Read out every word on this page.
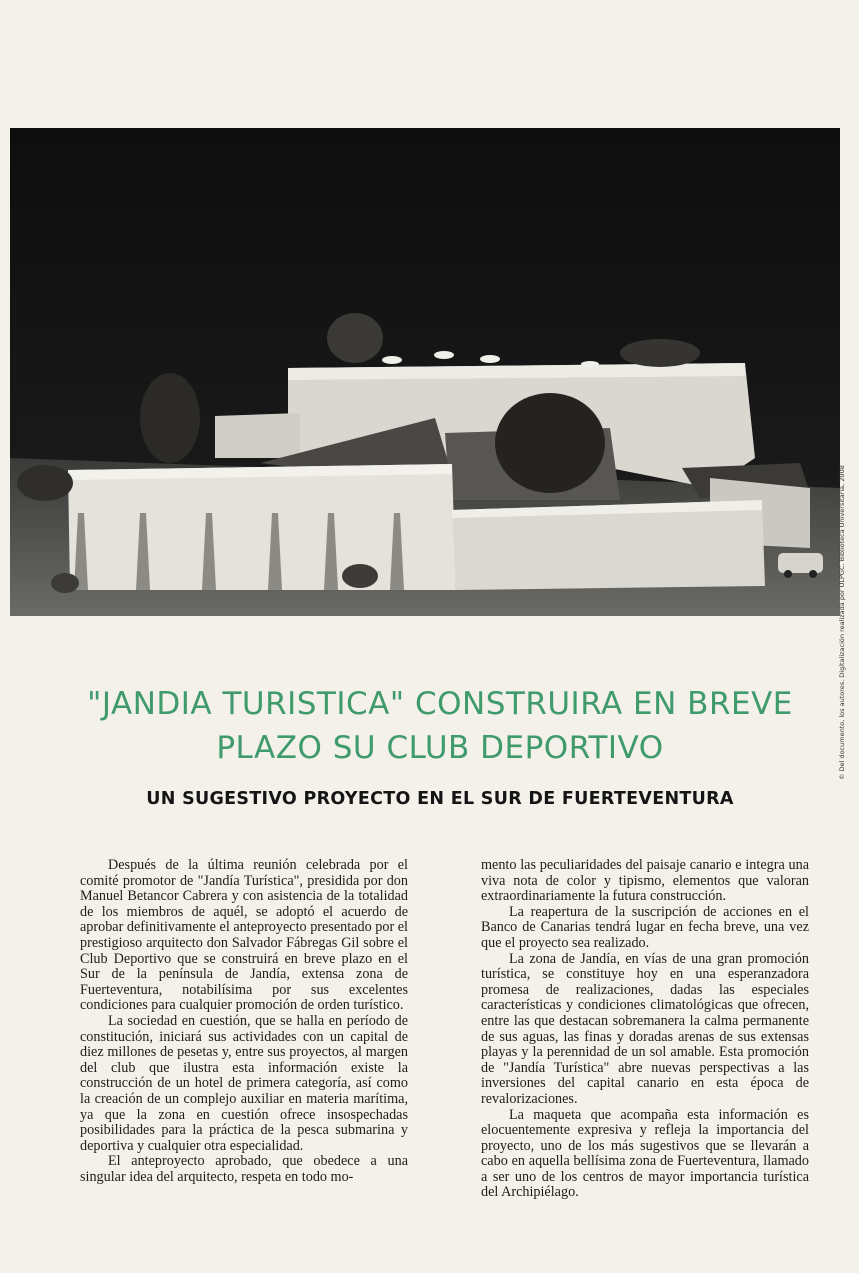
© Del documento, los autores. Digitalización realizada por ULPGC. Biblioteca Universitaria, 2008
"JANDIA TURISTICA" CONSTRUIRA EN BREVE
PLAZO SU CLUB DEPORTIVO
UN SUGESTIVO PROYECTO EN EL SUR DE FUERTEVENTURA

Después de la última reunión celebrada por el comité promotor de "Jandía Turística", presidida por don Manuel Betancor Cabrera y con asistencia de la totalidad de los miembros de aquél, se adoptó el acuerdo de aprobar definitivamente el anteproyecto presentado por el prestigioso arquitecto don Salvador Fábregas Gil sobre el Club Deportivo que se construirá en breve plazo en el Sur de la península de Jandía, extensa zona de Fuerteventura, notabilísima por sus excelentes condiciones para cualquier promoción de orden turístico.

La sociedad en cuestión, que se halla en período de constitución, iniciará sus actividades con un capital de diez millones de pesetas y, entre sus proyectos, al margen del club que ilustra esta información existe la construcción de un hotel de primera categoría, así como la creación de un complejo auxiliar en materia marítima, ya que la zona en cuestión ofrece insospechadas posibilidades para la práctica de la pesca submarina y deportiva y cualquier otra especialidad.

El anteproyecto aprobado, que obedece a una singular idea del arquitecto, respeta en todo mo-

mento las peculiaridades del paisaje canario e integra una viva nota de color y tipismo, elementos que valoran extraordinariamente la futura construcción.

La reapertura de la suscripción de acciones en el Banco de Canarias tendrá lugar en fecha breve, una vez que el proyecto sea realizado.

La zona de Jandía, en vías de una gran promoción turística, se constituye hoy en una esperanzadora promesa de realizaciones, dadas las especiales características y condiciones climatológicas que ofrecen, entre las que destacan sobremanera la calma permanente de sus aguas, las finas y doradas arenas de sus extensas playas y la perennidad de un sol amable. Esta promoción de "Jandía Turística" abre nuevas perspectivas a las inversiones del capital canario en esta época de revalorizaciones.

La maqueta que acompaña esta información es elocuentemente expresiva y refleja la importancia del proyecto, uno de los más sugestivos que se llevarán a cabo en aquella bellísima zona de Fuerteventura, llamado a ser uno de los centros de mayor importancia turística del Archipiélago.
